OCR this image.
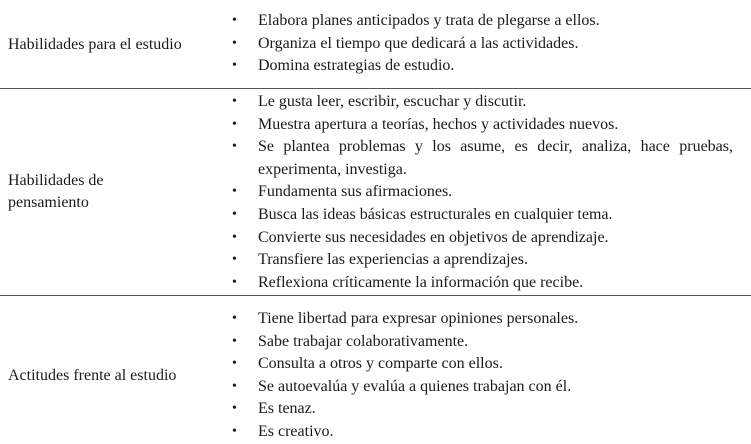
Habilidades para el estudio
•	Elabora planes anticipados y trata de plegarse a ellos.
•	Organiza el tiempo que dedicará a las actividades.
•	Domina estrategias de estudio.
Habilidades de pensamiento
•	Le gusta leer, escribir, escuchar y discutir.
•	Muestra apertura a teorías, hechos y actividades nuevos.
•	Se plantea problemas y los asume, es decir, analiza, hace pruebas, experimenta, investiga.
•	Fundamenta sus afirmaciones.
•	Busca las ideas básicas estructurales en cualquier tema.
•	Convierte sus necesidades en objetivos de aprendizaje.
•	Transfiere las experiencias a aprendizajes.
•	Reflexiona críticamente la información que recibe.
Actitudes frente al estudio
•	Tiene libertad para expresar opiniones personales.
•	Sabe trabajar colaborativamente.
•	Consulta a otros y comparte con ellos.
•	Se autoevalúa y evalúa a quienes trabajan con él.
•	Es tenaz.
•	Es creativo.
